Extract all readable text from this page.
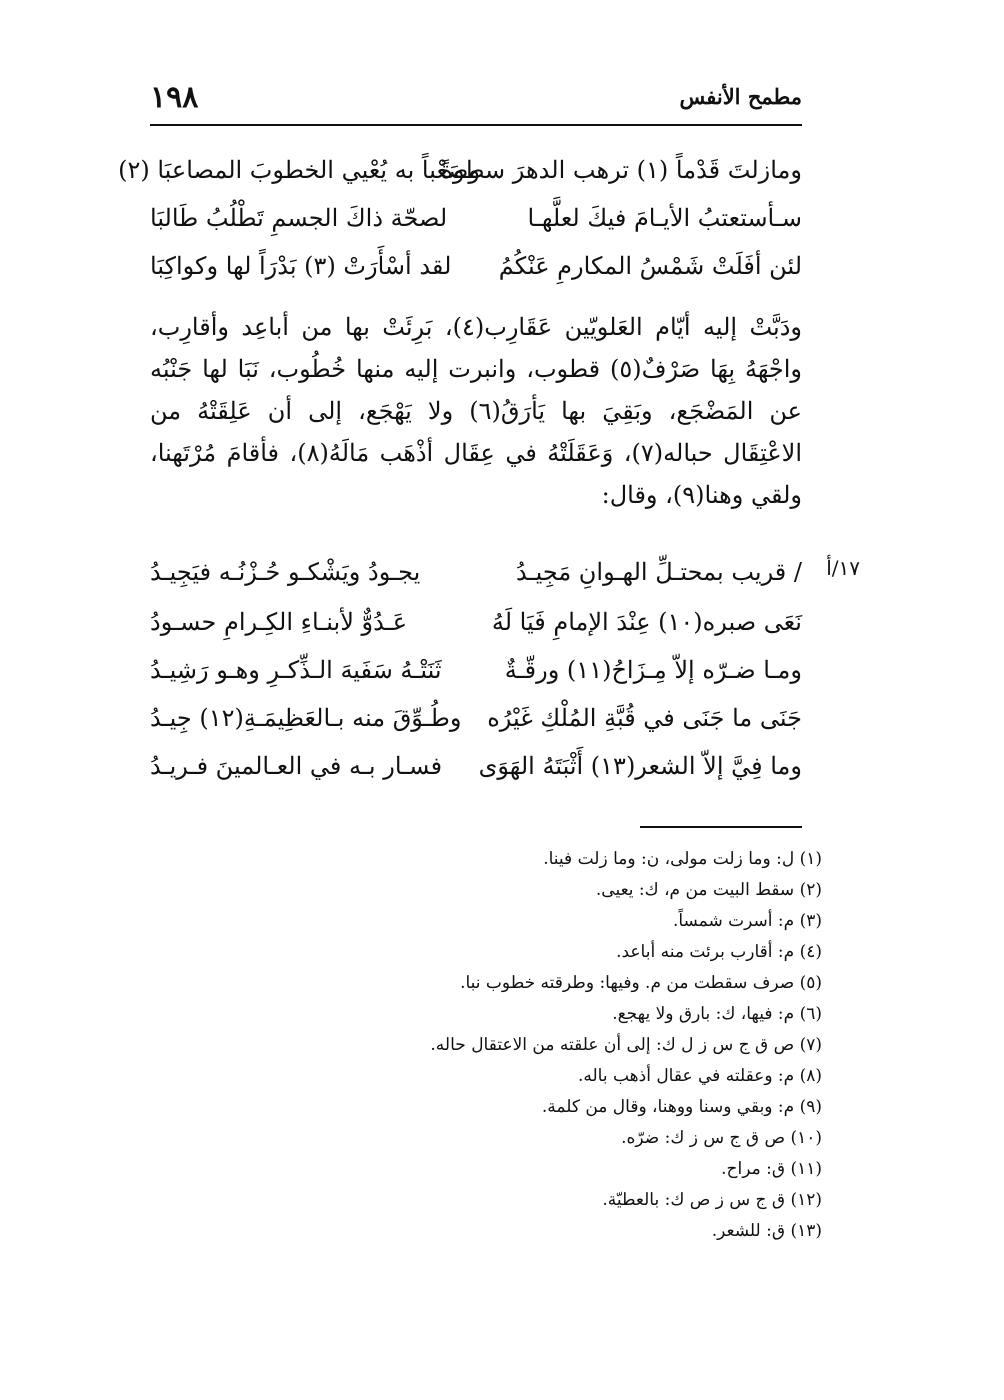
١٩٨	مطمح الأنفس
ومازلتَ قَدْماً (١) ترهب الدهرَ سطوةً
وصَعْباً به يُعْيي الخطوبَ المصاعبَا (٢)
سـأستعتبُ الأيـامَ فيكَ لعلَّهـا
لصحّة ذاكَ الجسمِ تَطْلُبُ طَالبَا
لئن أفَلَتْ شَمْسُ المكارمِ عَنْكُمُ
لقد أسْأَرَتْ (٣) بَدْرَاً لها وكواكِبَا
ودَبَّتْ إليه أيّام العَلويّين عَقَارِب(٤)، بَرِئَتْ بها من أباعِد وأقارِب، واجْهَهُ بِهَا صَرْفٌ(٥) قطوب، وانبرت إليه منها خُطُوب، نَبَا لها جَنْبُه عن المَضْجَع، وبَقِيَ بها يَأرَقُ(٦) ولا يَهْجَع، إلى أن عَلِقَتْهُ من الاعْتِقَال حباله(٧)، وَعَقَلَتْهُ في عِقَال أذْهَب مَالَهُ(٨)، فأقامَ مُرْتَهنا، ولقي وهنا(٩)، وقال:
١٧/أ
/ قريب بمحتـلِّ الهـوانِ مَجِيـدُ
يجـودُ ويَشْكـو حُـزْنُـه فيَجِيـدُ
نَعَى صبره(١٠) عِنْدَ الإمامِ فَيَا لَهُ
عَـدُوٌّ لأبنـاءِ الكِـرامِ حسـودُ
ومـا ضـرّه إلاّ مِـزَاحُ(١١) ورقّـةٌ
ثَنَتْـهُ سَفَيهَ الـذِّكـرِ وهـو رَشِيـدُ
جَنَى ما جَنَى في قُبَّةِ المُلْكِ غَيْرُه
وطُـوِّقَ منه بـالعَظِيمَـةِ(١٢) جِيـدُ
وما فِيَّ إلاّ الشعر(١٣) أَثْبَتَهُ الهَوَى
فسـار بـه في العـالمينَ فـريـدُ
(١) ل: وما زلت مولى، ن: وما زلت فينا.
(٢) سقط البيت من م، ك: يعيى.
(٣) م: أسرت شمساً.
(٤) م: أقارب برئت منه أباعد.
(٥) صرف سقطت من م. وفيها: وطرقته خطوب نبا.
(٦) م: فيها، ك: بارق ولا يهجع.
(٧) ص ق ج س ز ل ك: إلى أن علقته من الاعتقال حاله.
(٨) م: وعقلته في عقال أذهب باله.
(٩) م: وبقي وسنا ووهنا، وقال من كلمة.
(١٠) ص ق ج س ز ك: ضرّه.
(١١) ق: مراح.
(١٢) ق ج س ز ص ك: بالعطيّة.
(١٣) ق: للشعر.
